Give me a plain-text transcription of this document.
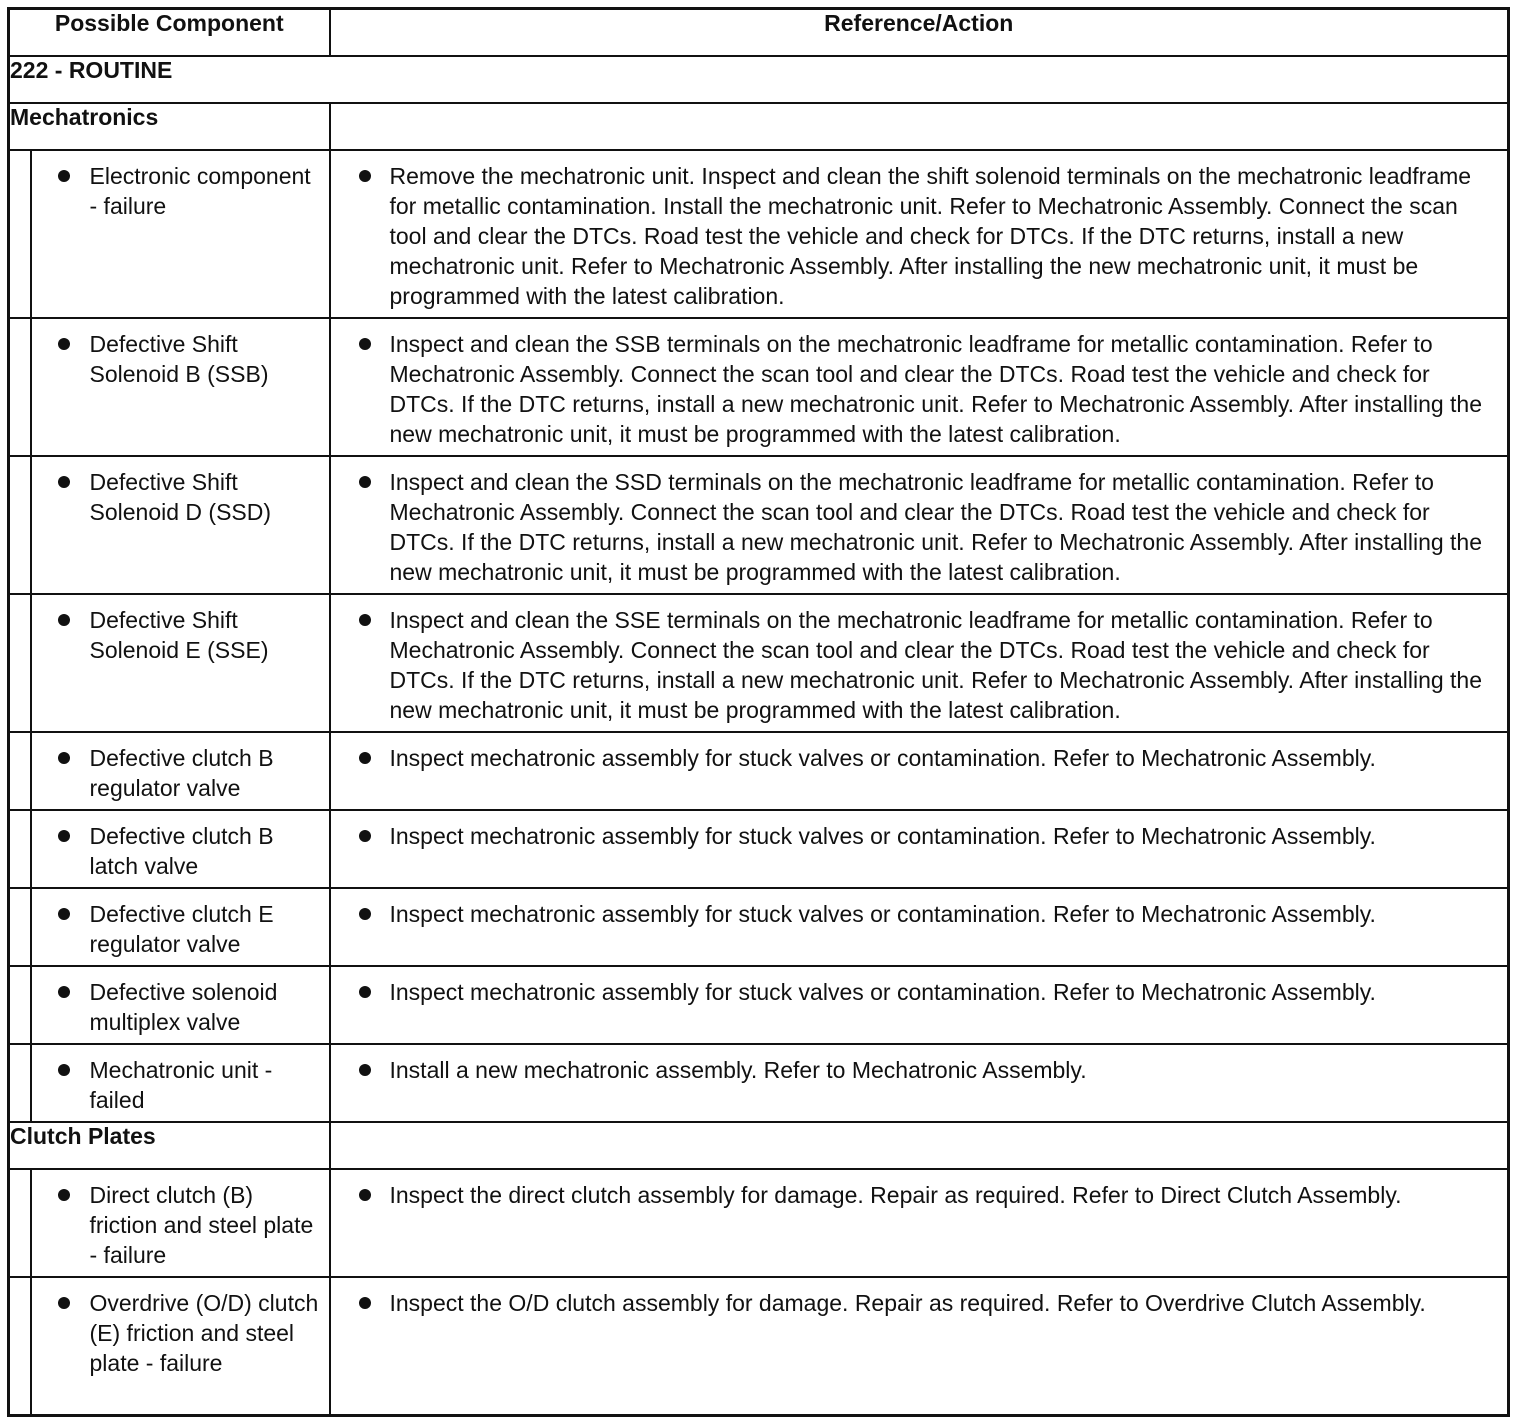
Possible Component		Reference/Action
222 - ROUTINE		
Mechatronics		

	Electronic component - failure	Remove the mechatronic unit. Inspect and clean the shift solenoid terminals on the mechatronic leadframe for metallic contamination. Install the mechatronic unit. Refer to Mechatronic Assembly. Connect the scan tool and clear the DTCs. Road test the vehicle and check for DTCs. If the DTC returns, install a new mechatronic unit. Refer to Mechatronic Assembly. After installing the new mechatronic unit, it must be programmed with the latest calibration.

	Defective Shift Solenoid B (SSB)	Inspect and clean the SSB terminals on the mechatronic leadframe for metallic contamination. Refer to Mechatronic Assembly. Connect the scan tool and clear the DTCs. Road test the vehicle and check for DTCs. If the DTC returns, install a new mechatronic unit. Refer to Mechatronic Assembly. After installing the new mechatronic unit, it must be programmed with the latest calibration.

	Defective Shift Solenoid D (SSD)	Inspect and clean the SSD terminals on the mechatronic leadframe for metallic contamination. Refer to Mechatronic Assembly. Connect the scan tool and clear the DTCs. Road test the vehicle and check for DTCs. If the DTC returns, install a new mechatronic unit. Refer to Mechatronic Assembly. After installing the new mechatronic unit, it must be programmed with the latest calibration.

	Defective Shift Solenoid E (SSE)	Inspect and clean the SSE terminals on the mechatronic leadframe for metallic contamination. Refer to Mechatronic Assembly. Connect the scan tool and clear the DTCs. Road test the vehicle and check for DTCs. If the DTC returns, install a new mechatronic unit. Refer to Mechatronic Assembly. After installing the new mechatronic unit, it must be programmed with the latest calibration.

	Defective clutch B regulator valve	Inspect mechatronic assembly for stuck valves or contamination. Refer to Mechatronic Assembly.

	Defective clutch B latch valve	Inspect mechatronic assembly for stuck valves or contamination. Refer to Mechatronic Assembly.

	Defective clutch E regulator valve	Inspect mechatronic assembly for stuck valves or contamination. Refer to Mechatronic Assembly.

	Defective solenoid multiplex valve	Inspect mechatronic assembly for stuck valves or contamination. Refer to Mechatronic Assembly.

	Mechatronic unit - failed	Install a new mechatronic assembly. Refer to Mechatronic Assembly.

Clutch Plates		

	Direct clutch (B) friction and steel plate - failure	Inspect the direct clutch assembly for damage. Repair as required. Refer to Direct Clutch Assembly.

	Overdrive (O/D) clutch (E) friction and steel plate - failure	Inspect the O/D clutch assembly for damage. Repair as required. Refer to Overdrive Clutch Assembly.
